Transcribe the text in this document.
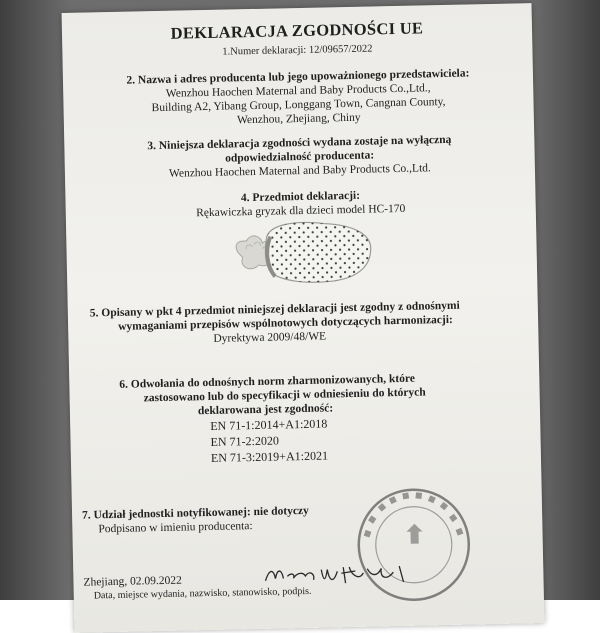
DEKLARACJA ZGODNOŚCI UE
1.Numer deklaracji: 12/09657/2022
2. Nazwa i adres producenta lub jego upoważnionego przedstawiciela:
Wenzhou Haochen Maternal and Baby Products Co.,Ltd.,
Building A2, Yibang Group, Longgang Town, Cangnan County,
Wenzhou, Zhejiang, Chiny
3. Niniejsza deklaracja zgodności wydana zostaje na wyłączną
odpowiedzialność producenta:
Wenzhou Haochen Maternal and Baby Products Co.,Ltd.
4. Przedmiot deklaracji:
Rękawiczka gryzak dla dzieci model HC-170
5. Opisany w pkt 4 przedmiot niniejszej deklaracji jest zgodny z odnośnymi
wymaganiami przepisów wspólnotowych dotyczących harmonizacji:
Dyrektywa 2009/48/WE
6. Odwołania do odnośnych norm zharmonizowanych, które
zastosowano lub do specyfikacji w odniesieniu do których
deklarowana jest zgodność:
EN 71-1:2014+A1:2018
EN 71-2:2020
EN 71-3:2019+A1:2021
7. Udział jednostki notyfikowanej: nie dotyczy
Podpisano w imieniu producenta:
Zhejiang, 02.09.2022
Data, miejsce wydania, nazwisko, stanowisko, podpis.
